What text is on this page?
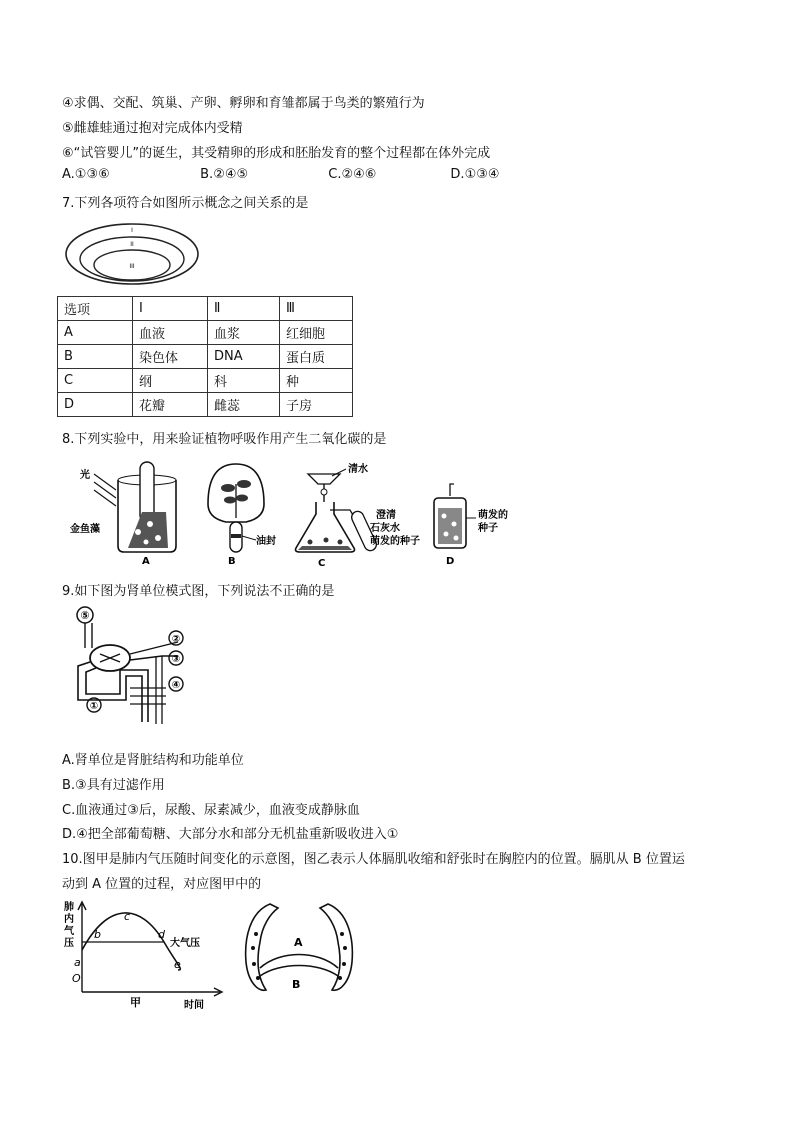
④求偶、交配、筑巢、产卵、孵卵和育雏都属于鸟类的繁殖行为
⑤雌雄蛙通过抱对完成体内受精
⑥“试管婴儿”的诞生，其受精卵的形成和胚胎发育的整个过程都在体外完成
A.①③⑥	B.②④⑤	C.②④⑥	D.①③④
7.下列各项符合如图所示概念之间关系的是
I
II
III
选项	Ⅰ	Ⅱ	Ⅲ
A	血液	血浆	红细胞
B	染色体	DNA	蛋白质
C	纲	科	种
D	花瓣	雌蕊	子房
8.下列实验中，用来验证植物呼吸作用产生二氧化碳的是
光
金鱼藻
A
油封
B
清水
澄清
石灰水
萌发的种子
C
萌发的
种子
D
9.如下图为肾单位模式图，下列说法不正确的是
⑤
②
③
④
①
A.肾单位是肾脏结构和功能单位
B.③具有过滤作用
C.血液通过③后，尿酸、尿素减少，血液变成静脉血
D.④把全部葡萄糖、大部分水和部分无机盐重新吸收进入①
10.图甲是肺内气压随时间变化的示意图，图乙表示人体膈肌收缩和舒张时在胸腔内的位置。膈肌从 B 位置运
动到 A 位置的过程，对应图甲中的
肺
内
气
压
b
c
d
e
a
大气压
O
甲	时间
A
B
